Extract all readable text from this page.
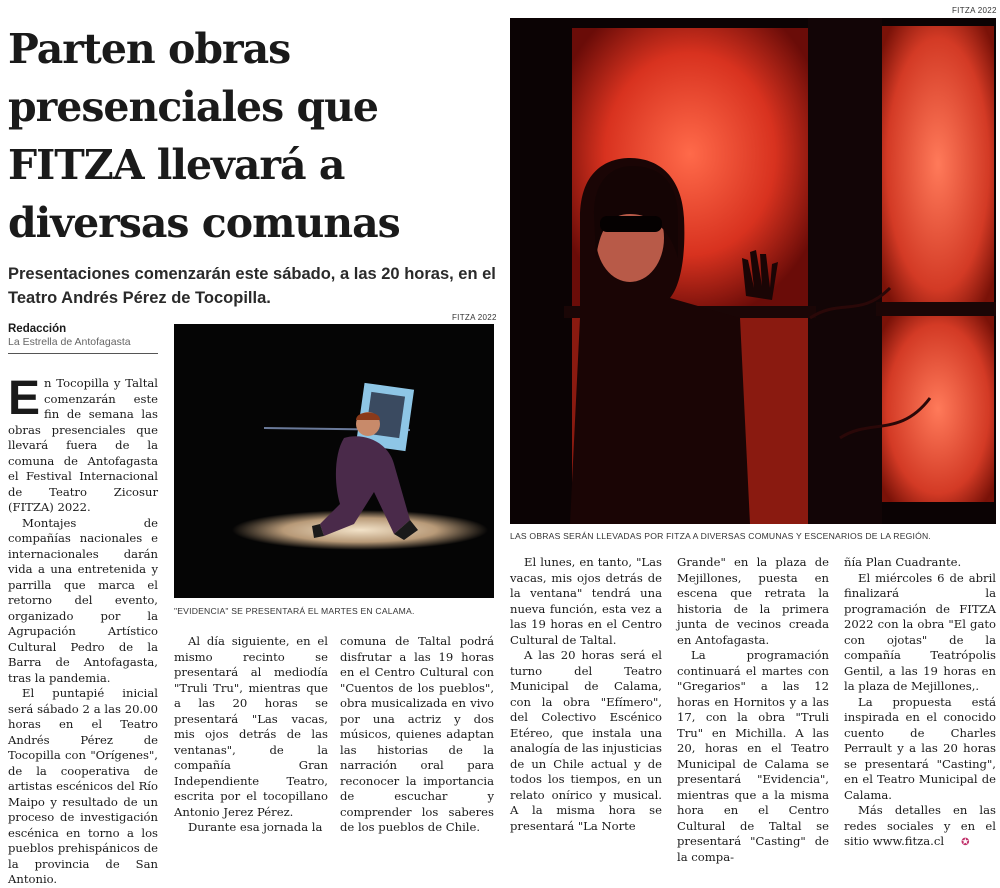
Parten obras presenciales que FITZA llevará a diversas comunas
Presentaciones comenzarán este sábado, a las 20 horas, en el Teatro Andrés Pérez de Tocopilla.
Redacción
La Estrella de Antofagasta
FITZA 2022
LAS OBRAS SERÁN LLEVADAS POR FITZA A DIVERSAS COMUNAS Y ESCENARIOS DE LA REGIÓN.
FITZA 2022
"EVIDENCIA" SE PRESENTARÁ EL MARTES EN CALAMA.

En Tocopilla y Taltal comenzarán este fin de semana las obras presenciales que llevará fuera de la comuna de Antofagasta el Festival Internacional de Teatro Zicosur (FITZA) 2022.

Montajes de compañías nacionales e internacionales darán vida a una entretenida y parrilla que marca el retorno del evento, organizado por la Agrupación Artístico Cultural Pedro de la Barra de Antofagasta, tras la pandemia.

El puntapié inicial será sábado 2 a las 20.00 horas en el Teatro Andrés Pérez de Tocopilla con "Orígenes", de la cooperativa de artistas escénicos del Río Maipo y resultado de un proceso de investigación escénica en torno a los pueblos prehispánicos de la provincia de San Antonio.

Al día siguiente, en el mismo recinto se presentará al mediodía "Truli Tru", mientras que a las 20 horas se presentará "Las vacas, mis ojos detrás de las ventanas", de la compañía Gran Independiente Teatro, escrita por el tocopillano Antonio Jerez Pérez.

Durante esa jornada la

comuna de Taltal podrá disfrutar a las 19 horas en el Centro Cultural con "Cuentos de los pueblos", obra musicalizada en vivo por una actriz y dos músicos, quienes adaptan las historias de la narración oral para reconocer la importancia de escuchar y comprender los saberes de los pueblos de Chile.

El lunes, en tanto, "Las vacas, mis ojos detrás de la ventana" tendrá una nueva función, esta vez a las 19 horas en el Centro Cultural de Taltal.

A las 20 horas será el turno del Teatro Municipal de Calama, con la obra "Efímero", del Colectivo Escénico Etéreo, que instala una analogía de las injusticias de un Chile actual y de todos los tiempos, en un relato onírico y musical. A la misma hora se presentará "La Norte

Grande" en la plaza de Mejillones, puesta en escena que retrata la historia de la primera junta de vecinos creada en Antofagasta.

La programación continuará el martes con "Gregarios" a las 12 horas en Hornitos y a las 17, con la obra "Truli Tru" en Michilla. A las 20, horas en el Teatro Municipal de Calama se presentará "Evidencia", mientras que a la misma hora en el Centro Cultural de Taltal se presentará "Casting" de la compa-

ñía Plan Cuadrante.

El miércoles 6 de abril finalizará la programación de FITZA 2022 con la obra "El gato con ojotas" de la compañía Teatrópolis Gentil, a las 19 horas en la plaza de Mejillones,.

La propuesta está inspirada en el conocido cuento de Charles Perrault y a las 20 horas se presentará "Casting", en el Teatro Municipal de Calama.

Más detalles en las redes sociales y en el sitio www.fitza.cl ✪
